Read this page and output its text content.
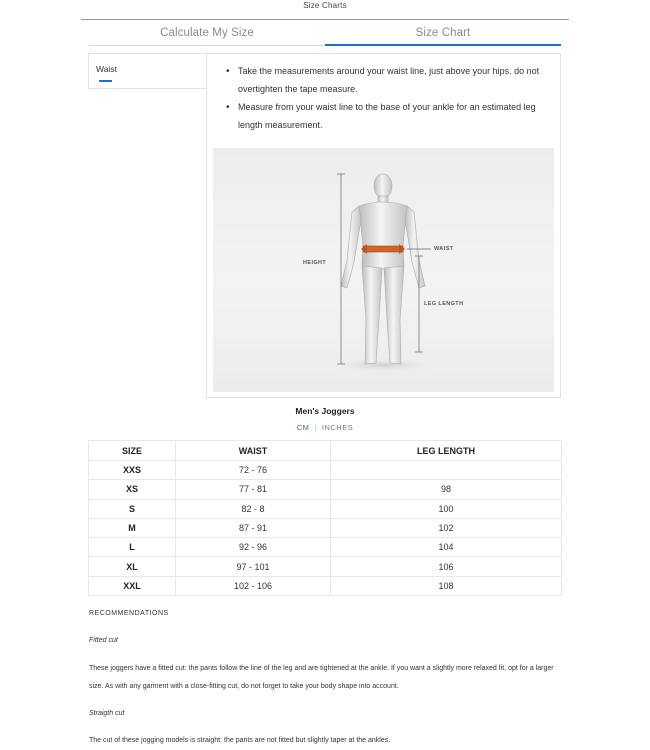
Size Charts
Calculate My Size	Size Chart
Waist	• Take the measurements around your waist line, just above your hips. do not overtighten the tape measure.
• Measure from your waist line to the base of your ankle for an estimated leg length measurement.
HEIGHT
WAIST
LEG LENGTH
Men's Joggers
CM | INCHES
SIZE	WAIST	LEG LENGTH
XXS	72 - 76	
XS	77 - 81	98
S	82 - 8	100
M	87 - 91	102
L	92 - 96	104
XL	97 - 101	106
XXL	102 - 106	108
RECOMMENDATIONS
Fitted cut
These joggers have a fitted cut: the pants follow the line of the leg and are tightened at the ankle. If you want a slightly more relaxed fit, opt for a larger size. As with any garment with a close-fitting cut, do not forget to take your body shape into account.
Straigth cut
The cut of these jogging models is straight: the pants are not fitted but slightly taper at the ankles.
